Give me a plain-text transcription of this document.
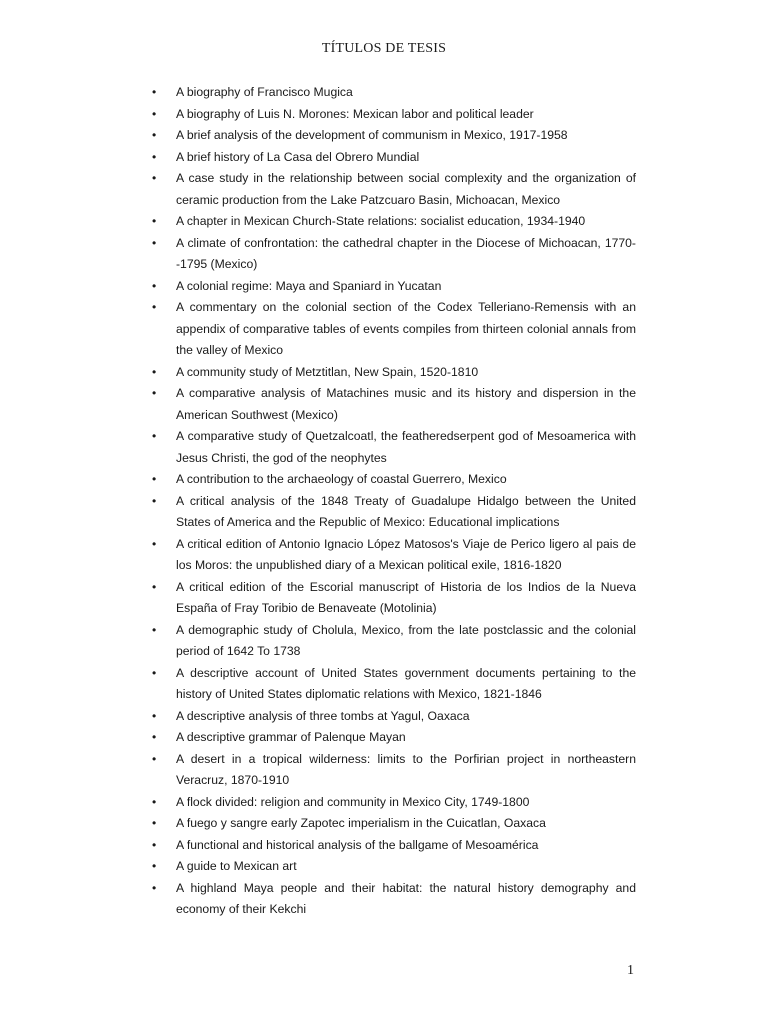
TÍTULOS DE TESIS
• A biography of Francisco Mugica
• A biography of Luis N. Morones: Mexican labor and political leader
• A brief analysis of the development of communism in Mexico, 1917-1958
• A brief history of La Casa del Obrero Mundial
• A case study in the relationship between social complexity and the organization of ceramic production from the Lake Patzcuaro Basin, Michoacan, Mexico
• A chapter in Mexican Church-State relations: socialist education, 1934-1940
• A climate of confrontation: the cathedral chapter in the Diocese of Michoacan, 1770--1795 (Mexico)
• A colonial regime: Maya and Spaniard in Yucatan
• A commentary on the colonial section of the Codex Telleriano-Remensis with an appendix of comparative tables of events compiles from thirteen colonial annals from the valley of Mexico
• A community study of Metztitlan, New Spain, 1520-1810
• A comparative analysis of Matachines music and its history and dispersion in the American Southwest (Mexico)
• A comparative study of Quetzalcoatl, the featheredserpent god of Mesoamerica with Jesus Christi, the god of the neophytes
• A contribution to the archaeology of coastal Guerrero, Mexico
• A critical analysis of the 1848 Treaty of Guadalupe Hidalgo between the United States of America and the Republic of Mexico: Educational implications
• A critical edition of Antonio Ignacio López Matosos's Viaje de Perico ligero al pais de los Moros: the unpublished diary of a Mexican political exile, 1816-1820
• A critical edition of the Escorial manuscript of Historia de los Indios de la Nueva España of Fray Toribio de Benaveate (Motolinia)
• A demographic study of Cholula, Mexico, from the late postclassic and the colonial period of 1642 To 1738
• A descriptive account of United States government documents pertaining to the history of United States diplomatic relations with Mexico, 1821-1846
• A descriptive analysis of three tombs at Yagul, Oaxaca
• A descriptive grammar of Palenque Mayan
• A desert in a tropical wilderness: limits to the Porfirian project in northeastern Veracruz, 1870-1910
• A flock divided: religion and community in Mexico City, 1749-1800
• A fuego y sangre early Zapotec imperialism in the Cuicatlan, Oaxaca
• A functional and historical analysis of the ballgame of Mesoamérica
• A guide to Mexican art
• A highland Maya people and their habitat: the natural history demography and economy of their Kekchi
1
